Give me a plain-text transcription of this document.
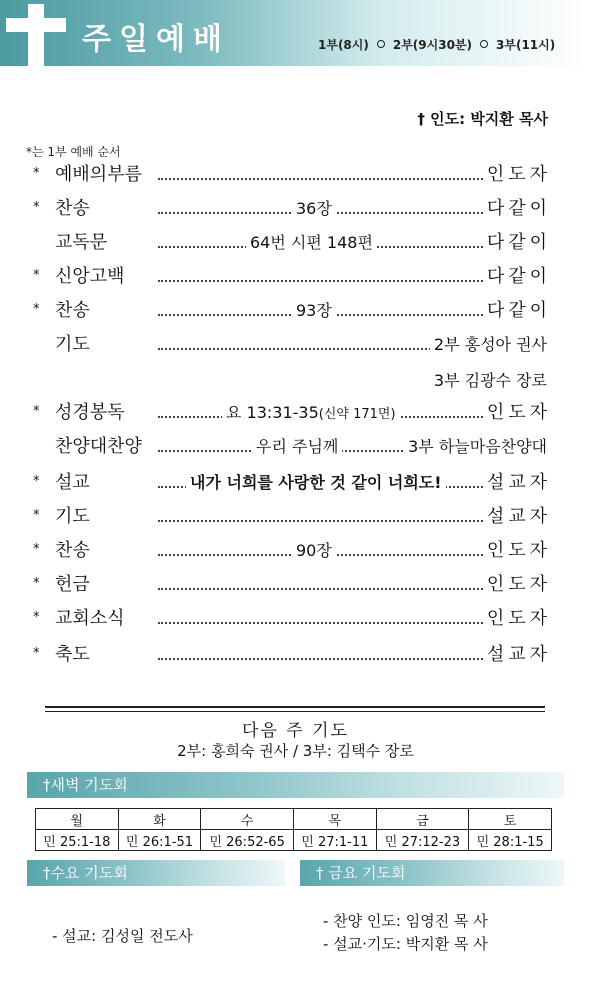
주일예배	1부(8시) 2부(9시30분) 3부(11시)
† 인도: 박지환 목사
*는 1부 예배 순서
* 예배의부름	인도자
* 찬송	36장	다같이
교독문	64번 시편 148편	다같이
* 신앙고백	다같이
* 찬송	93장	다같이
기도	2부 홍성아 권사
3부 김광수 장로
* 성경봉독	요 13:31-35(신약 171면)	인도자
찬양대찬양	우리 주님께	3부 하늘마음찬양대
* 설교	내가 너희를 사랑한 것 같이 너희도!	설교자
* 기도	설교자
* 찬송	90장	인도자
* 헌금	인도자
* 교회소식	인도자
* 축도	설교자
다음 주 기도
2부: 홍희숙 권사 / 3부: 김택수 장로
†새벽 기도회
월	화	수	목	금	토
민 25:1-18	민 26:1-51	민 26:52-65	민 27:1-11	민 27:12-23	민 28:1-15
†수요 기도회	† 금요 기도회
- 설교: 김성일 전도사
- 찬양 인도: 임영진 목 사
- 설교·기도: 박지환 목 사
